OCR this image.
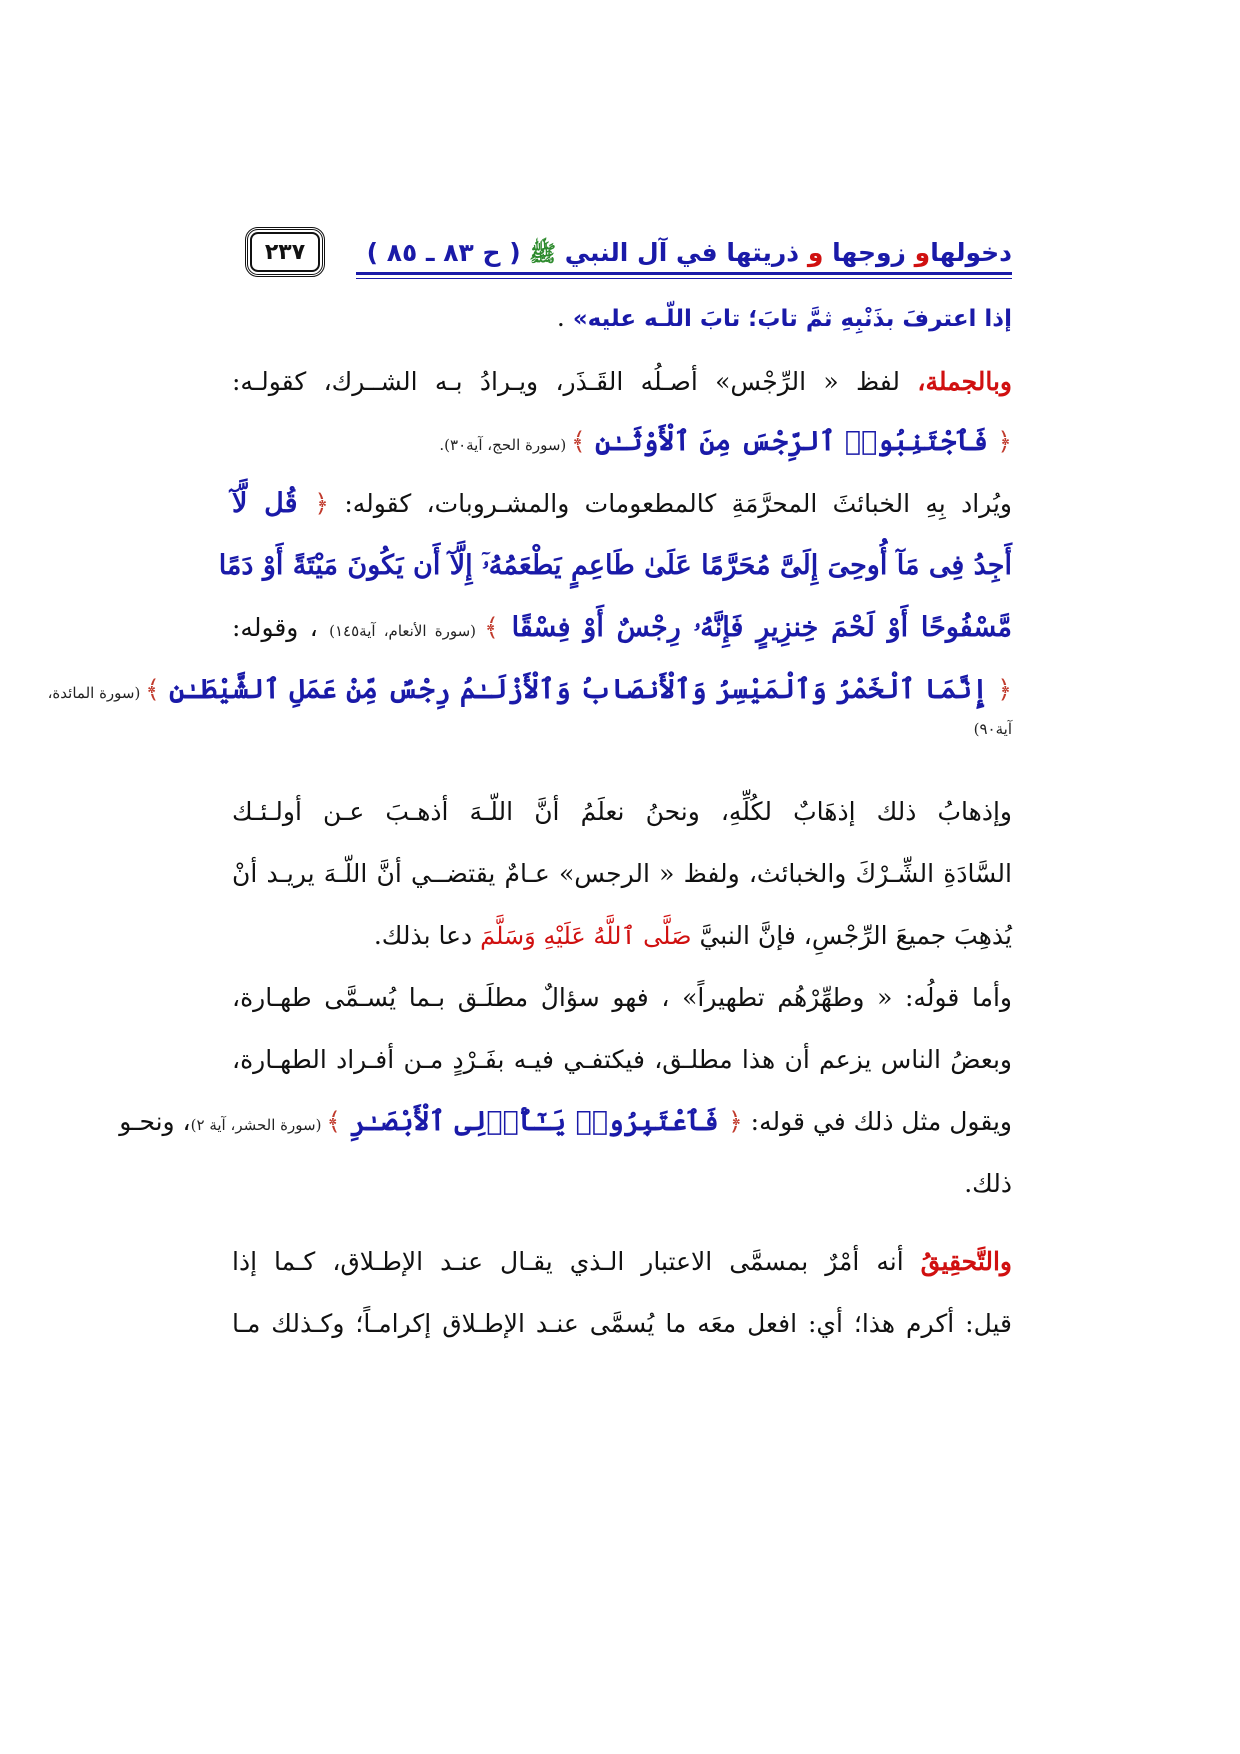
دخولهاو زوجها و ذريتها في آل النبي ﷺ ( ح ٨٣ ـ ٨٥ )
٢٣٧
إذا اعترفَ بذَنْبِهِ ثمَّ تابَ؛ تابَ اللّـه عليه» .
وبالجملة، لفظ « الرِّجْس» أصـلُه القَـذَر، ويـرادُ بـه الشــرك، كقولـه:
﴿ فَٱجْتَنِبُوا۟ ٱلرِّجْسَ مِنَ ٱلْأَوْثَـٰنِ ﴾ (سورة الحج، آية٣٠).
ويُراد بِهِ الخبائثَ المحرَّمَةِ كالمطعومات والمشـروبات، كقوله: ﴿ قُل لَّآ
أَجِدُ فِى مَآ أُوحِىَ إِلَىَّ مُحَرَّمًا عَلَىٰ طَاعِمٍ يَطْعَمُهُۥٓ إِلَّآ أَن يَكُونَ مَيْتَةً أَوْ دَمًا
مَّسْفُوحًا أَوْ لَحْمَ خِنزِيرٍ فَإِنَّهُۥ رِجْسٌ أَوْ فِسْقًا ﴾ (سورة الأنعام، آية١٤٥) ، وقوله:
﴿ إِنَّمَا ٱلْخَمْرُ وَٱلْمَيْسِرُ وَٱلْأَنصَابُ وَٱلْأَزْلَـٰمُ رِجْسٌ مِّنْ عَمَلِ ٱلشَّيْطَـٰنِ ﴾ (سورة المائدة،
آية٩٠)
وإذهابُ ذلك إذهَابٌ لكُلِّهِ، ونحنُ نعلَمُ أنَّ اللّـهَ أذهـبَ عـن أولـئـك
السَّادَةِ الشِّـرْكَ والخبائث، ولفظ « الرجس» عـامٌ يقتضــي أنَّ اللّـهَ يريـد أنْ
يُذهِبَ جميعَ الرِّجْسِ، فإنَّ النبيَّ صَلَّى ٱللَّهُ عَلَيْهِ وَسَلَّمَ دعا بذلك.
وأما قولُه: « وطهِّرْهُم تطهيراً» ، فهو سؤالٌ مطلَـق بـما يُسـمَّى طهـارة،
وبعضُ الناس يزعم أن هذا مطلـق، فيكتفـي فيـه بفَـرْدٍ مـن أفـراد الطهـارة،
ويقول مثل ذلك في قوله: ﴿ فَٱعْتَبِرُوا۟ يَـٰٓأُو۟لِى ٱلْأَبْصَـٰرِ ﴾ (سورة الحشر، آية ٢)، ونحـو
ذلك.
والتَّحقِيقُ أنه أمْرٌ بمسمَّى الاعتبار الـذي يقـال عنـد الإطـلاق، كـما إذا
قيل: أكرم هذا؛ أي: افعل معَه ما يُسمَّى عنـد الإطـلاق إكرامـاً؛ وكـذلك مـا
